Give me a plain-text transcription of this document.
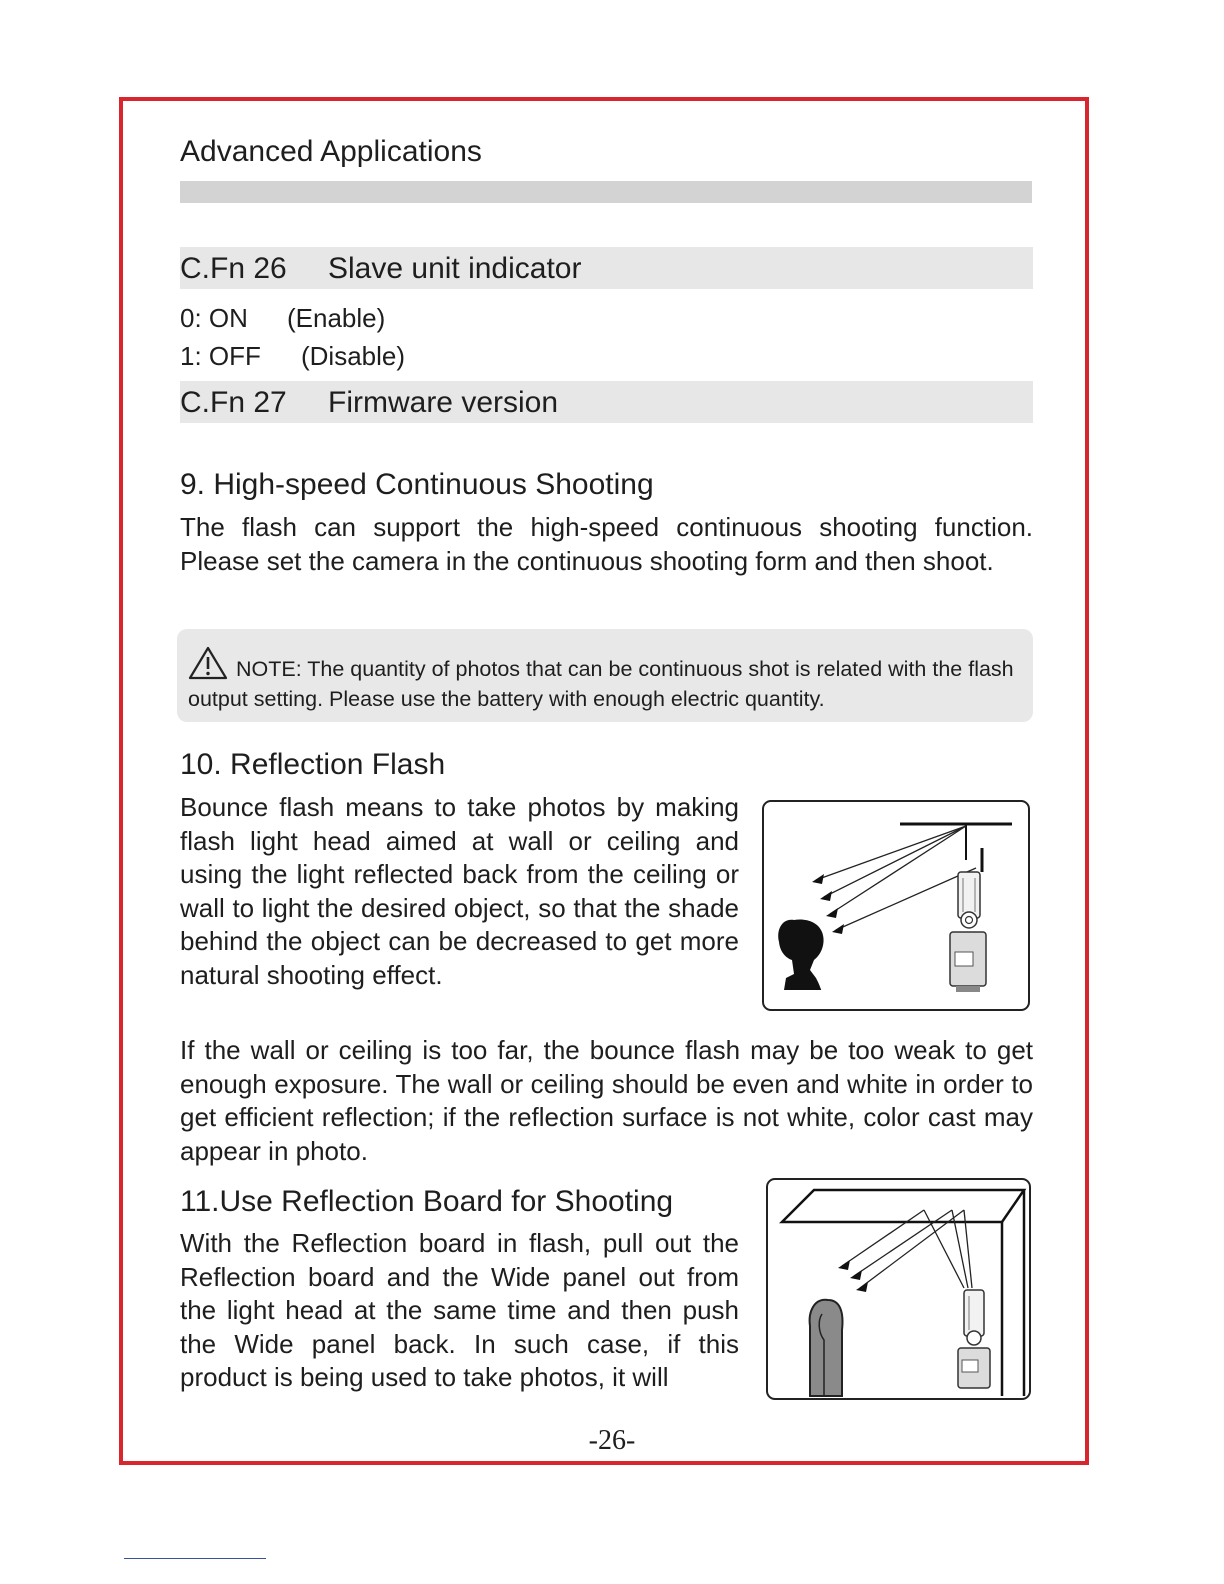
Advanced Applications
C.Fn 26 Slave unit indicator
0: ON (Enable)
1: OFF (Disable)
C.Fn 27 Firmware version
9. High-speed Continuous Shooting
The flash can support the high-speed continuous shooting function. Please set the camera in the continuous shooting form and then shoot.
NOTE: The quantity of photos that can be continuous shot is related with the flash output setting. Please use the battery with enough electric quantity.
10. Reflection Flash
Bounce flash means to take photos by making flash light head aimed at wall or ceiling and using the light reflected back from the ceiling or wall to light the desired object, so that the shade behind the object can be decreased to get more natural shooting effect.
If the wall or ceiling is too far, the bounce flash may be too weak to get enough exposure. The wall or ceiling should be even and white in order to get efficient reflection; if the reflection surface is not white, color cast may appear in photo.
11.Use Reflection Board for Shooting
With the Reflection board in flash, pull out the Reflection board and the Wide panel out from the light head at the same time and then push the Wide panel back. In such case, if this product is being used to take photos, it will
-26-
